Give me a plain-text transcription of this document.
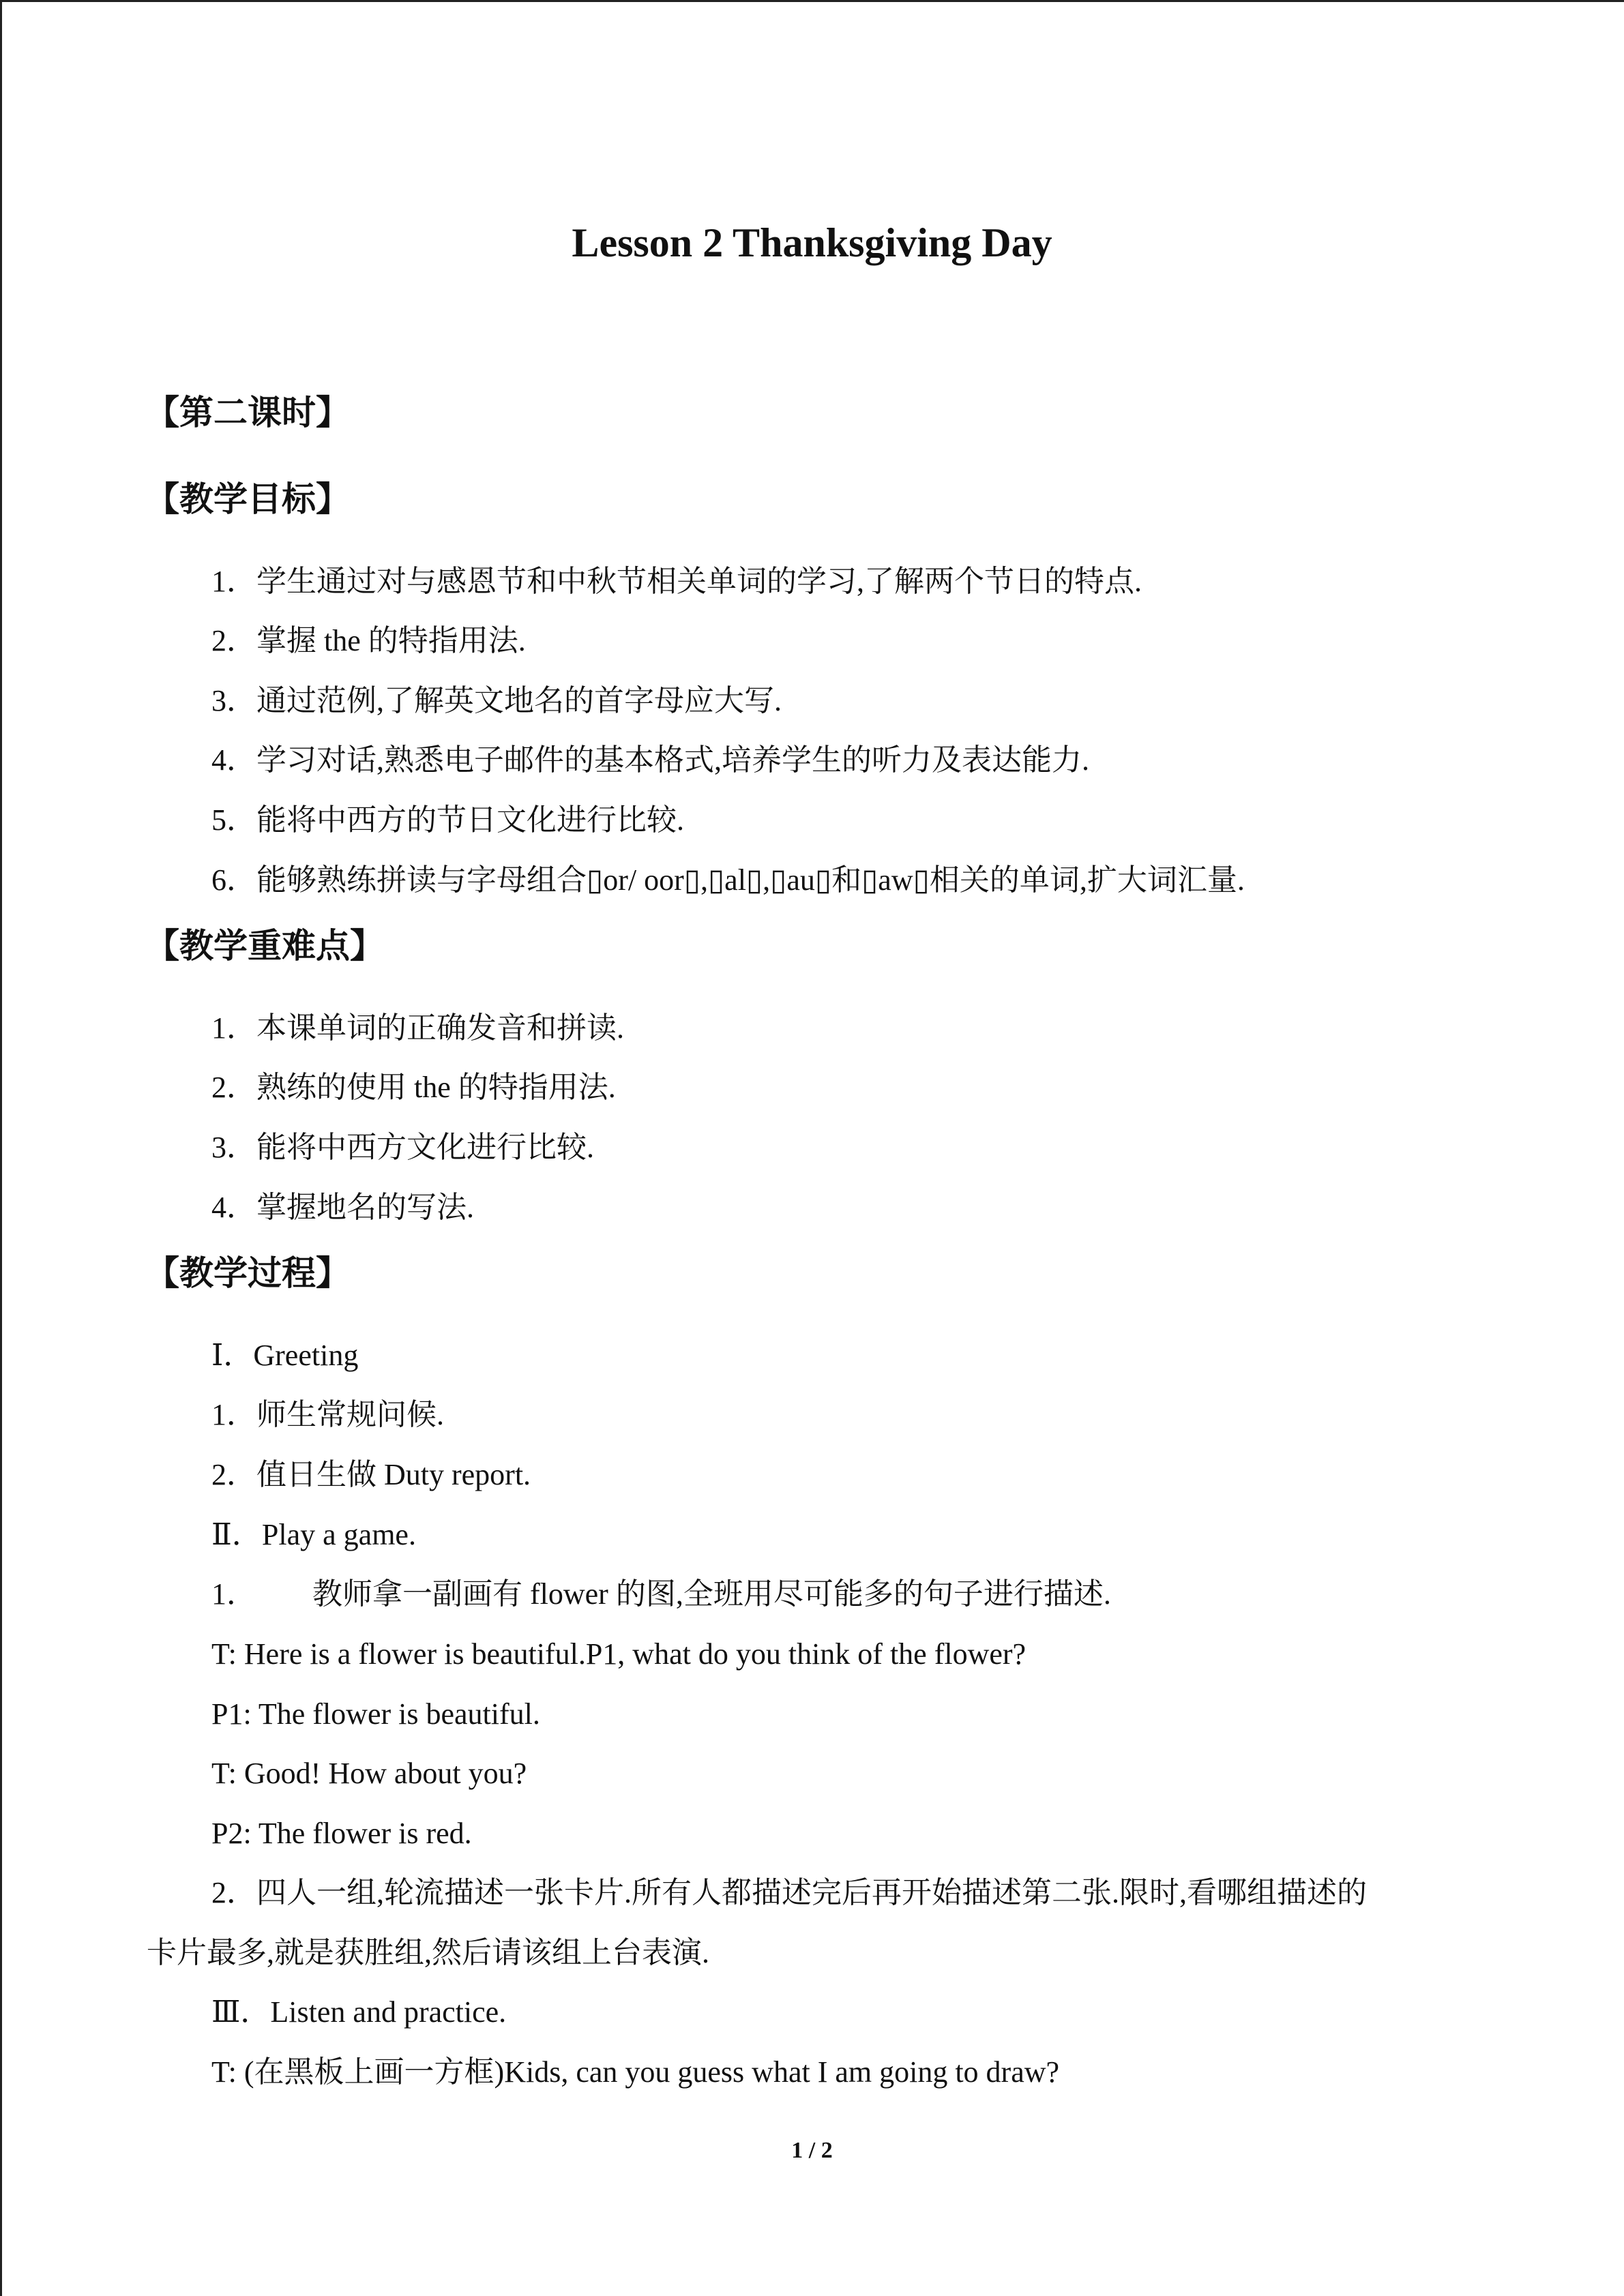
Lesson 2 Thanksgiving Day
【第二课时】
【教学目标】
1．学生通过对与感恩节和中秋节相关单词的学习,了解两个节日的特点.
2．掌握 the 的特指用法.
3．通过范例,了解英文地名的首字母应大写.
4．学习对话,熟悉电子邮件的基本格式,培养学生的听力及表达能力.
5．能将中西方的节日文化进行比较.
6．能够熟练拼读与字母组合▯or/ oor▯,▯al▯,▯au▯和▯aw▯相关的单词,扩大词汇量.
【教学重难点】
1．本课单词的正确发音和拼读.
2．熟练的使用 the 的特指用法.
3．能将中西方文化进行比较.
4．掌握地名的写法.
【教学过程】
Ⅰ．Greeting
1．师生常规问候.
2．值日生做 Duty report.
Ⅱ．Play a game.
1． 教师拿一副画有 flower 的图,全班用尽可能多的句子进行描述.
T: Here is a flower is beautiful.P1, what do you think of the flower?
P1: The flower is beautiful.
T: Good! How about you?
P2: The flower is red.
2．四人一组,轮流描述一张卡片.所有人都描述完后再开始描述第二张.限时,看哪组描述的
卡片最多,就是获胜组,然后请该组上台表演.
Ⅲ．Listen and practice.
T: (在黑板上画一方框)Kids, can you guess what I am going to draw?
1 / 2
